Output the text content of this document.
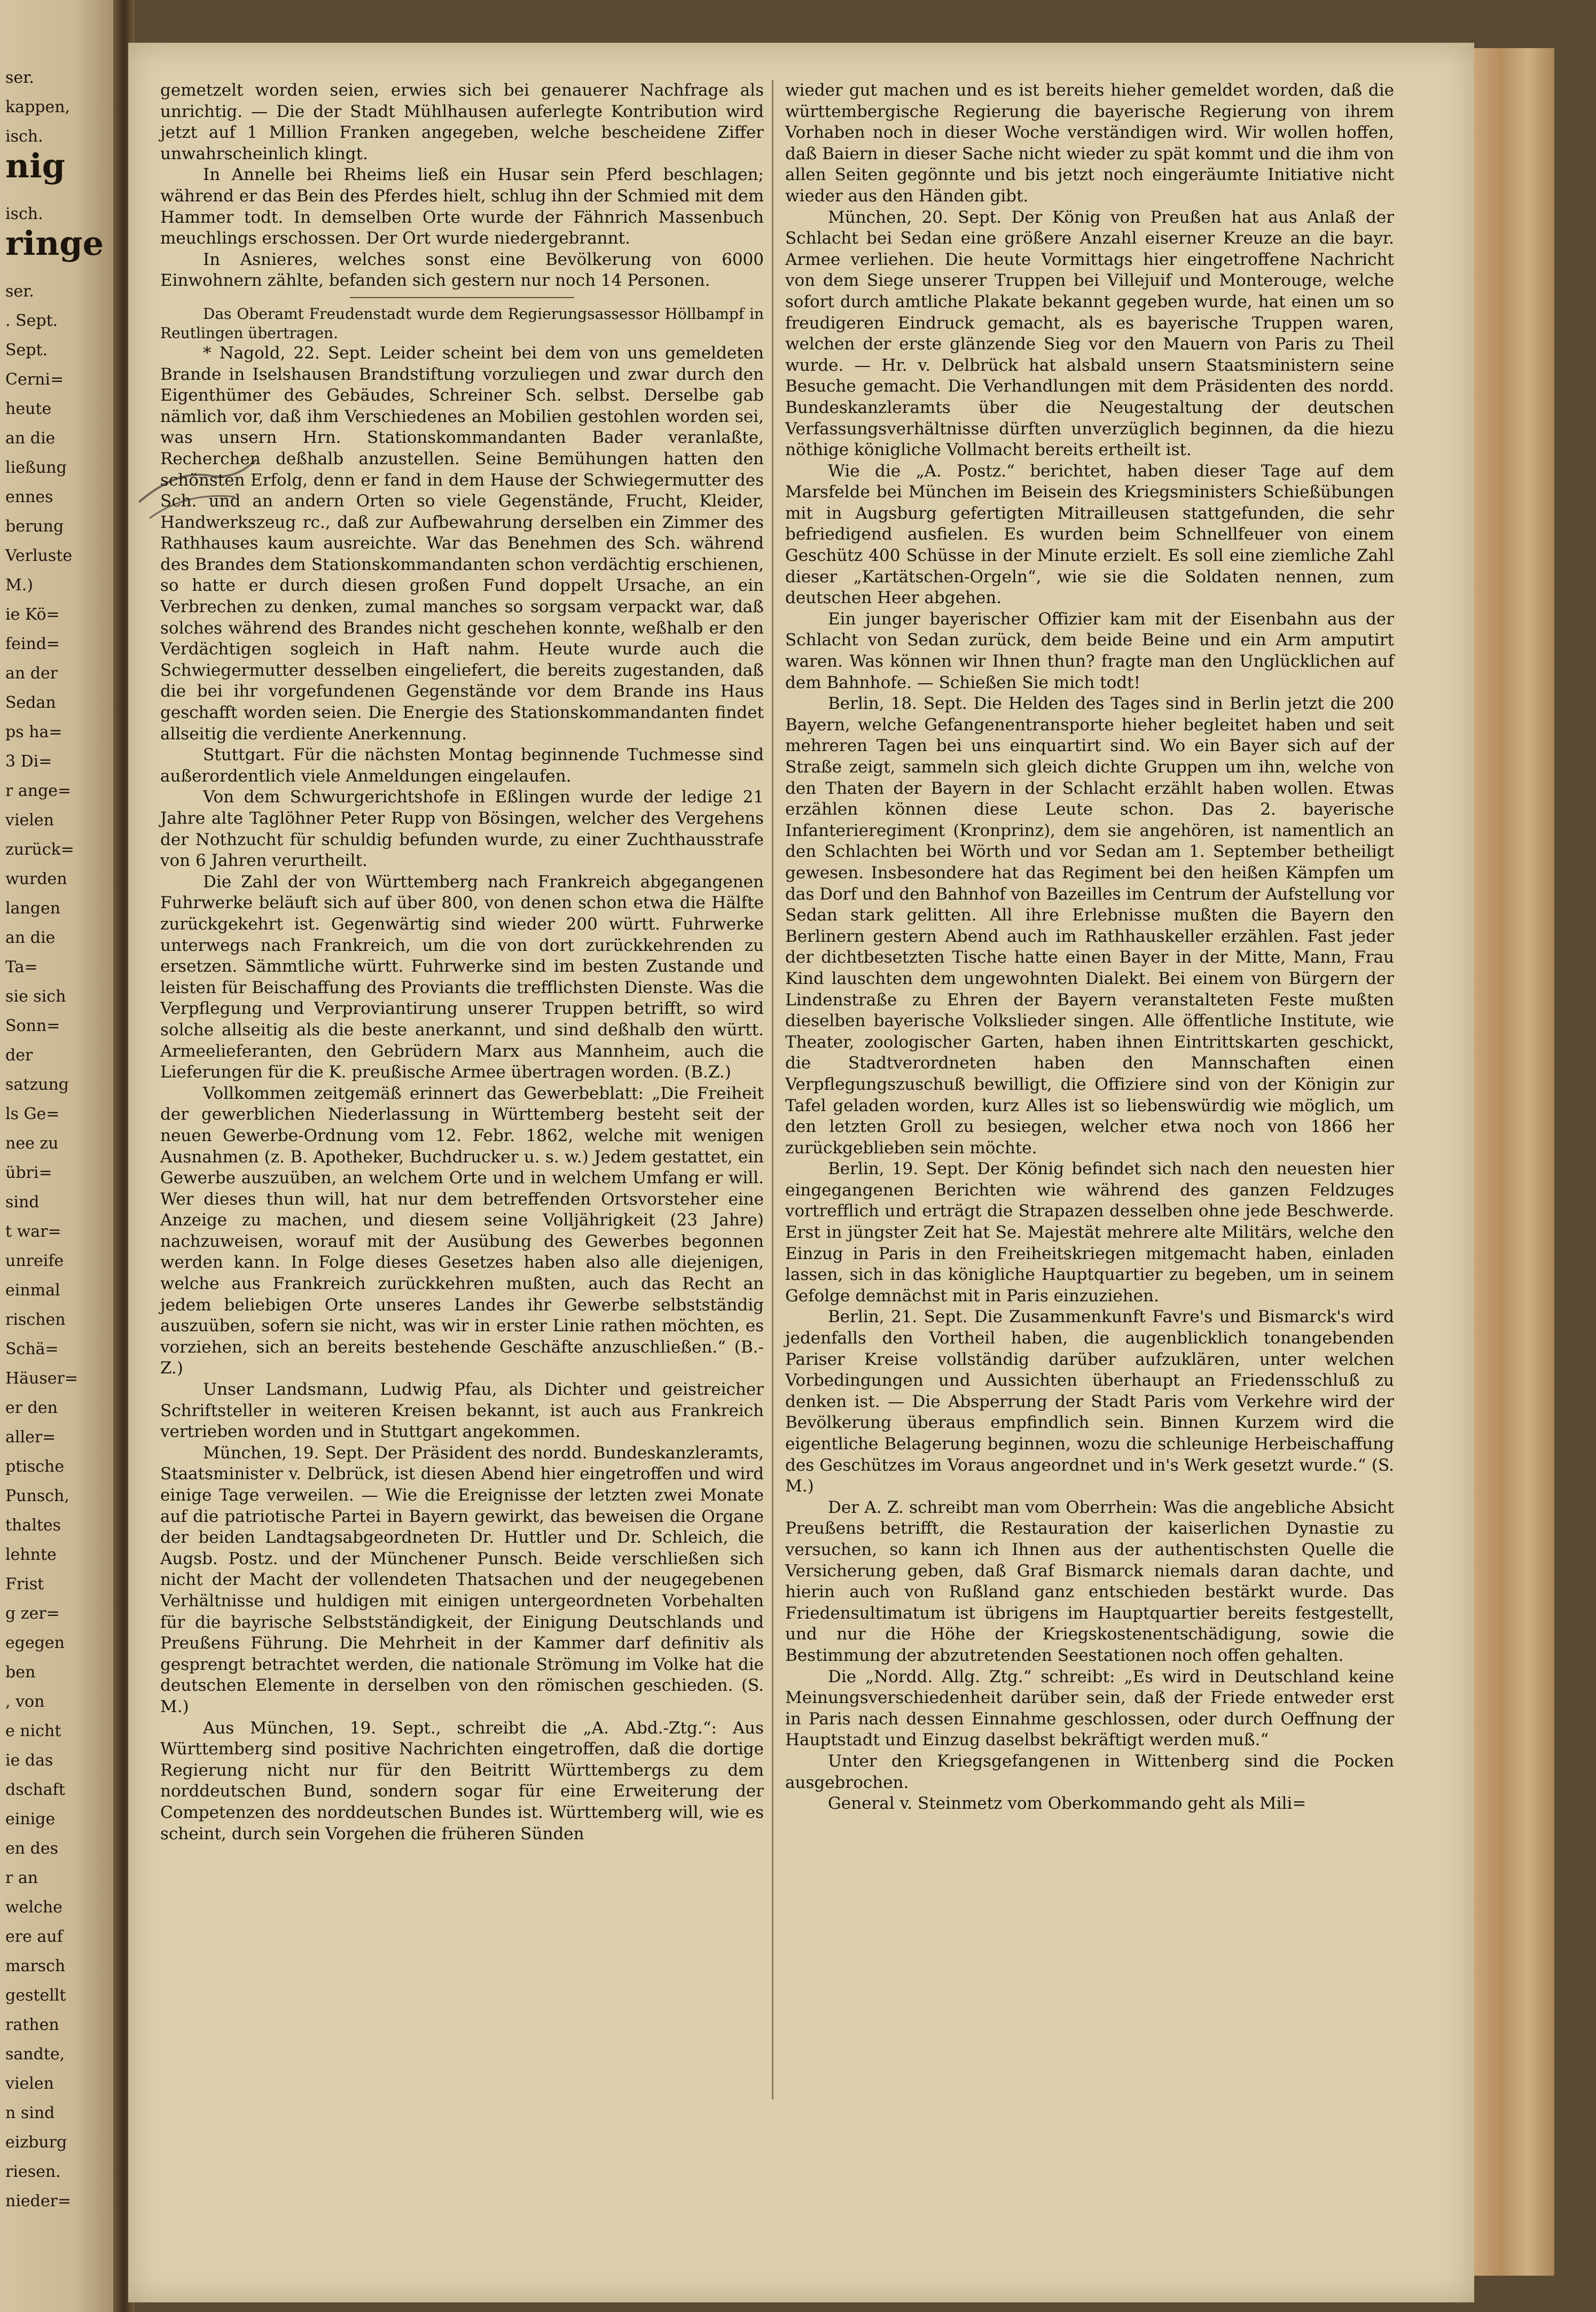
ser.
kappen,
isch.
nig
isch.
ringe
ser.
. Sept.
Sept.
Cerni=
heute
an die
ließung
ennes
berung
Verluste
M.)
ie Kö=
feind=
an der
Sedan
ps ha=
3 Di=
r ange=
vielen
zurück=
wurden
langen
an die
Ta=
sie sich
Sonn=
der
satzung
ls Ge=
nee zu
übri=
sind
t war=
unreife
einmal
rischen
Schä=
Häuser=
er den
aller=
ptische
Punsch,
thaltes
lehnte
Frist
g zer=
egegen
ben
, von
e nicht
ie das
dschaft
einige
en des
r an
welche
ere auf
marsch
gestellt
rathen
sandte,
vielen
n sind
eizburg
riesen.
nieder=

gemetzelt worden seien, erwies sich bei genauerer Nachfrage als unrichtig. — Die der Stadt Mühlhausen auferlegte Kontribution wird jetzt auf 1 Million Franken angegeben, welche bescheidene Ziffer unwahrscheinlich klingt.

In Annelle bei Rheims ließ ein Husar sein Pferd beschlagen; während er das Bein des Pferdes hielt, schlug ihn der Schmied mit dem Hammer todt. In demselben Orte wurde der Fähnrich Massenbuch meuchlings erschossen. Der Ort wurde niedergebrannt.

In Asnieres, welches sonst eine Bevölkerung von 6000 Einwohnern zählte, befanden sich gestern nur noch 14 Personen.

Das Oberamt Freudenstadt wurde dem Regierungsassessor Höllbampf in Reutlingen übertragen.

* Nagold, 22. Sept. Leider scheint bei dem von uns gemeldeten Brande in Iselshausen Brandstiftung vorzuliegen und zwar durch den Eigenthümer des Gebäudes, Schreiner Sch. selbst. Derselbe gab nämlich vor, daß ihm Verschiedenes an Mobilien gestohlen worden sei, was unsern Hrn. Stationskommandanten Bader veranlaßte, Recherchen deßhalb anzustellen. Seine Bemühungen hatten den schönsten Erfolg, denn er fand in dem Hause der Schwiegermutter des Sch. und an andern Orten so viele Gegenstände, Frucht, Kleider, Handwerkszeug rc., daß zur Aufbewahrung derselben ein Zimmer des Rathhauses kaum ausreichte. War das Benehmen des Sch. während des Brandes dem Stationskommandanten schon verdächtig erschienen, so hatte er durch diesen großen Fund doppelt Ursache, an ein Verbrechen zu denken, zumal manches so sorgsam verpackt war, daß solches während des Brandes nicht geschehen konnte, weßhalb er den Verdächtigen sogleich in Haft nahm. Heute wurde auch die Schwiegermutter desselben eingeliefert, die bereits zugestanden, daß die bei ihr vorgefundenen Gegenstände vor dem Brande ins Haus geschafft worden seien. Die Energie des Stationskommandanten findet allseitig die verdiente Anerkennung.

Stuttgart. Für die nächsten Montag beginnende Tuchmesse sind außerordentlich viele Anmeldungen eingelaufen.

Von dem Schwurgerichtshofe in Eßlingen wurde der ledige 21 Jahre alte Taglöhner Peter Rupp von Bösingen, welcher des Vergehens der Nothzucht für schuldig befunden wurde, zu einer Zuchthausstrafe von 6 Jahren verurtheilt.

Die Zahl der von Württemberg nach Frankreich abgegangenen Fuhrwerke beläuft sich auf über 800, von denen schon etwa die Hälfte zurückgekehrt ist. Gegenwärtig sind wieder 200 württ. Fuhrwerke unterwegs nach Frankreich, um die von dort zurückkehrenden zu ersetzen. Sämmtliche württ. Fuhrwerke sind im besten Zustande und leisten für Beischaffung des Proviants die trefflichsten Dienste. Was die Verpflegung und Verproviantirung unserer Truppen betrifft, so wird solche allseitig als die beste anerkannt, und sind deßhalb den württ. Armeelieferanten, den Gebrüdern Marx aus Mannheim, auch die Lieferungen für die K. preußische Armee übertragen worden. (B.Z.)

Vollkommen zeitgemäß erinnert das Gewerbeblatt: „Die Freiheit der gewerblichen Niederlassung in Württemberg besteht seit der neuen Gewerbe-Ordnung vom 12. Febr. 1862, welche mit wenigen Ausnahmen (z. B. Apotheker, Buchdrucker u. s. w.) Jedem gestattet, ein Gewerbe auszuüben, an welchem Orte und in welchem Umfang er will. Wer dieses thun will, hat nur dem betreffenden Ortsvorsteher eine Anzeige zu machen, und diesem seine Volljährigkeit (23 Jahre) nachzuweisen, worauf mit der Ausübung des Gewerbes begonnen werden kann. In Folge dieses Gesetzes haben also alle diejenigen, welche aus Frankreich zurückkehren mußten, auch das Recht an jedem beliebigen Orte unseres Landes ihr Gewerbe selbstständig auszuüben, sofern sie nicht, was wir in erster Linie rathen möchten, es vorziehen, sich an bereits bestehende Geschäfte anzuschließen.“ (B.-Z.)

Unser Landsmann, Ludwig Pfau, als Dichter und geistreicher Schriftsteller in weiteren Kreisen bekannt, ist auch aus Frankreich vertrieben worden und in Stuttgart angekommen.

München, 19. Sept. Der Präsident des nordd. Bundeskanzleramts, Staatsminister v. Delbrück, ist diesen Abend hier eingetroffen und wird einige Tage verweilen. — Wie die Ereignisse der letzten zwei Monate auf die patriotische Partei in Bayern gewirkt, das beweisen die Organe der beiden Landtagsabgeordneten Dr. Huttler und Dr. Schleich, die Augsb. Postz. und der Münchener Punsch. Beide verschließen sich nicht der Macht der vollendeten Thatsachen und der neugegebenen Verhältnisse und huldigen mit einigen untergeordneten Vorbehalten für die bayrische Selbstständigkeit, der Einigung Deutschlands und Preußens Führung. Die Mehrheit in der Kammer darf definitiv als gesprengt betrachtet werden, die nationale Strömung im Volke hat die deutschen Elemente in derselben von den römischen geschieden. (S. M.)

Aus München, 19. Sept., schreibt die „A. Abd.-Ztg.“: Aus Württemberg sind positive Nachrichten eingetroffen, daß die dortige Regierung nicht nur für den Beitritt Württembergs zu dem norddeutschen Bund, sondern sogar für eine Erweiterung der Competenzen des norddeutschen Bundes ist. Württemberg will, wie es scheint, durch sein Vorgehen die früheren Sünden

wieder gut machen und es ist bereits hieher gemeldet worden, daß die württembergische Regierung die bayerische Regierung von ihrem Vorhaben noch in dieser Woche verständigen wird. Wir wollen hoffen, daß Baiern in dieser Sache nicht wieder zu spät kommt und die ihm von allen Seiten gegönnte und bis jetzt noch eingeräumte Initiative nicht wieder aus den Händen gibt.

München, 20. Sept. Der König von Preußen hat aus Anlaß der Schlacht bei Sedan eine größere Anzahl eiserner Kreuze an die bayr. Armee verliehen. Die heute Vormittags hier eingetroffene Nachricht von dem Siege unserer Truppen bei Villejuif und Monterouge, welche sofort durch amtliche Plakate bekannt gegeben wurde, hat einen um so freudigeren Eindruck gemacht, als es bayerische Truppen waren, welchen der erste glänzende Sieg vor den Mauern von Paris zu Theil wurde. — Hr. v. Delbrück hat alsbald unsern Staatsministern seine Besuche gemacht. Die Verhandlungen mit dem Präsidenten des nordd. Bundeskanzleramts über die Neugestaltung der deutschen Verfassungsverhältnisse dürften unverzüglich beginnen, da die hiezu nöthige königliche Vollmacht bereits ertheilt ist.

Wie die „A. Postz.“ berichtet, haben dieser Tage auf dem Marsfelde bei München im Beisein des Kriegsministers Schießübungen mit in Augsburg gefertigten Mitrailleusen stattgefunden, die sehr befriedigend ausfielen. Es wurden beim Schnellfeuer von einem Geschütz 400 Schüsse in der Minute erzielt. Es soll eine ziemliche Zahl dieser „Kartätschen-Orgeln“, wie sie die Soldaten nennen, zum deutschen Heer abgehen.

Ein junger bayerischer Offizier kam mit der Eisenbahn aus der Schlacht von Sedan zurück, dem beide Beine und ein Arm amputirt waren. Was können wir Ihnen thun? fragte man den Unglücklichen auf dem Bahnhofe. — Schießen Sie mich todt!

Berlin, 18. Sept. Die Helden des Tages sind in Berlin jetzt die 200 Bayern, welche Gefangenentransporte hieher begleitet haben und seit mehreren Tagen bei uns einquartirt sind. Wo ein Bayer sich auf der Straße zeigt, sammeln sich gleich dichte Gruppen um ihn, welche von den Thaten der Bayern in der Schlacht erzählt haben wollen. Etwas erzählen können diese Leute schon. Das 2. bayerische Infanterieregiment (Kronprinz), dem sie angehören, ist namentlich an den Schlachten bei Wörth und vor Sedan am 1. September betheiligt gewesen. Insbesondere hat das Regiment bei den heißen Kämpfen um das Dorf und den Bahnhof von Bazeilles im Centrum der Aufstellung vor Sedan stark gelitten. All ihre Erlebnisse mußten die Bayern den Berlinern gestern Abend auch im Rathhauskeller erzählen. Fast jeder der dichtbesetzten Tische hatte einen Bayer in der Mitte, Mann, Frau Kind lauschten dem ungewohnten Dialekt. Bei einem von Bürgern der Lindenstraße zu Ehren der Bayern veranstalteten Feste mußten dieselben bayerische Volkslieder singen. Alle öffentliche Institute, wie Theater, zoologischer Garten, haben ihnen Eintrittskarten geschickt, die Stadtverordneten haben den Mannschaften einen Verpflegungszuschuß bewilligt, die Offiziere sind von der Königin zur Tafel geladen worden, kurz Alles ist so liebenswürdig wie möglich, um den letzten Groll zu besiegen, welcher etwa noch von 1866 her zurückgeblieben sein möchte.

Berlin, 19. Sept. Der König befindet sich nach den neuesten hier eingegangenen Berichten wie während des ganzen Feldzuges vortrefflich und erträgt die Strapazen desselben ohne jede Beschwerde. Erst in jüngster Zeit hat Se. Majestät mehrere alte Militärs, welche den Einzug in Paris in den Freiheitskriegen mitgemacht haben, einladen lassen, sich in das königliche Hauptquartier zu begeben, um in seinem Gefolge demnächst mit in Paris einzuziehen.

Berlin, 21. Sept. Die Zusammenkunft Favre's und Bismarck's wird jedenfalls den Vortheil haben, die augenblicklich tonangebenden Pariser Kreise vollständig darüber aufzuklären, unter welchen Vorbedingungen und Aussichten überhaupt an Friedensschluß zu denken ist. — Die Absperrung der Stadt Paris vom Verkehre wird der Bevölkerung überaus empfindlich sein. Binnen Kurzem wird die eigentliche Belagerung beginnen, wozu die schleunige Herbeischaffung des Geschützes im Voraus angeordnet und in's Werk gesetzt wurde.“ (S. M.)

Der A. Z. schreibt man vom Oberrhein: Was die angebliche Absicht Preußens betrifft, die Restauration der kaiserlichen Dynastie zu versuchen, so kann ich Ihnen aus der authentischsten Quelle die Versicherung geben, daß Graf Bismarck niemals daran dachte, und hierin auch von Rußland ganz entschieden bestärkt wurde. Das Friedensultimatum ist übrigens im Hauptquartier bereits festgestellt, und nur die Höhe der Kriegskostenentschädigung, sowie die Bestimmung der abzutretenden Seestationen noch offen gehalten.

Die „Nordd. Allg. Ztg.“ schreibt: „Es wird in Deutschland keine Meinungsverschiedenheit darüber sein, daß der Friede entweder erst in Paris nach dessen Einnahme geschlossen, oder durch Oeffnung der Hauptstadt und Einzug daselbst bekräftigt werden muß.“

Unter den Kriegsgefangenen in Wittenberg sind die Pocken ausgebrochen.

General v. Steinmetz vom Oberkommando geht als Mili=
